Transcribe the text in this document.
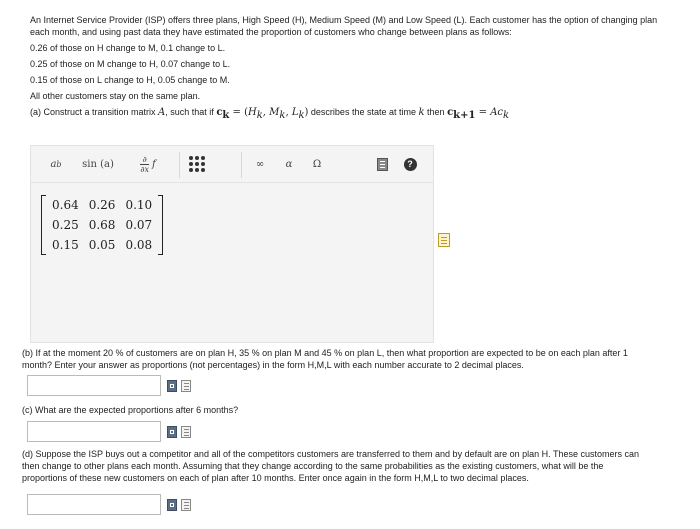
An Internet Service Provider (ISP) offers three plans, High Speed (H), Medium Speed (M) and Low Speed (L). Each customer has the option of changing plan
each month, and using past data they have estimated the proportion of customers who change between plans as follows:
0.26 of those on H change to M, 0.1 change to L.
0.25 of those on M change to H, 0.07 change to L.
0.15 of those on L change to H, 0.05 change to M.
All other customers stay on the same plan.
(a) Construct a transition matrix A, such that if $c_k = (H_k$, $M_k$, $L_k$) describes the state at time k then $c_{k+1} = Ac_k$
a b	sin (a)	∂
∂x f	∞	α	Ω	?
0.64	0.26	0.10
0.25	0.68	0.07
0.15	0.05	0.08
(b) If at the moment 20 % of customers are on plan H, 35 % on plan M and 45 % on plan L, then what proportion are expected to be on each plan after 1
month? Enter your answer as proportions (not percentages) in the form H,M,L with each number accurate to 2 decimal places.
(c) What are the expected proportions after 6 months?
(d) Suppose the ISP buys out a competitor and all of the competitors customers are transferred to them and by default are on plan H. These customers can
then change to other plans each month. Assuming that they change according to the same probabilities as the existing customers, what will be the
proportions of these new customers on each of plan after 10 months. Enter once again in the form H,M,L to two decimal places.
